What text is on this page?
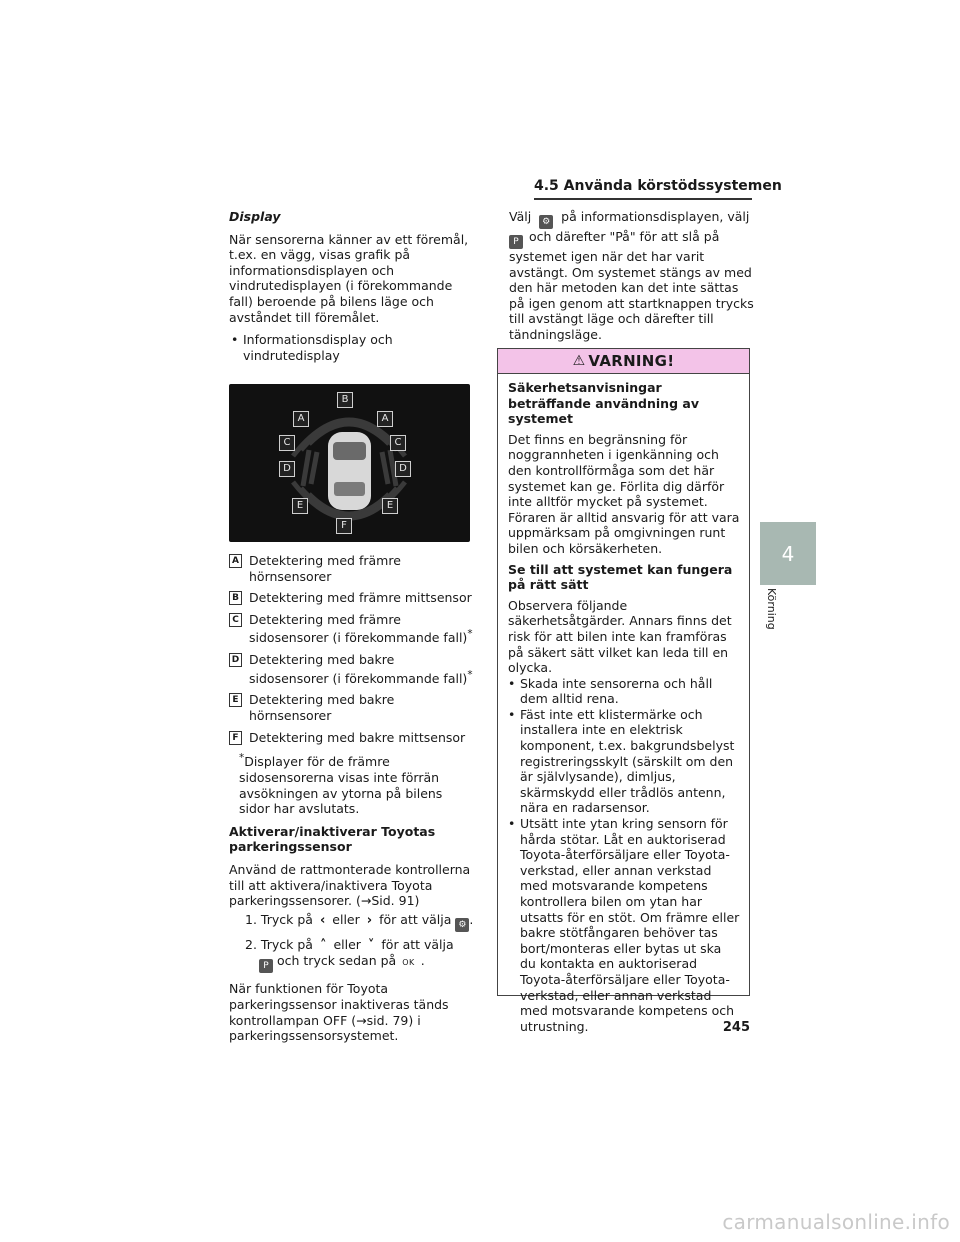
4.5 Använda körstödssystemen

Display

När sensorerna känner av ett föremål, t.ex. en vägg, visas grafik på informationsdisplayen och vindrutedisplayen (i förekommande fall) beroende på bilens läge och avståndet till föremålet.

• Informationsdisplay och vindrutedisplay
B
A	A
C	C
D	D
E	E
F
A Detektering med främre hörnsensorer
B Detektering med främre mittsensor
C Detektering med främre sidosensorer (i förekommande fall)*
D Detektering med bakre sidosensorer (i förekommande fall)*
E Detektering med bakre hörnsensorer
F Detektering med bakre mittsensor

*Displayer för de främre sidosensorerna visas inte förrän avsökningen av ytorna på bilens sidor har avslutats.

Aktiverar/inaktiverar Toyotas parkeringssensor

Använd de rattmonterade kontrollerna till att aktivera/inaktivera Toyota parkeringssensorer. (→Sid. 91)

1. Tryck på ‹ eller › för att välja ⚙ .
2. Tryck på ˄ eller ˅ för att välja
P och tryck sedan på OK .

När funktionen för Toyota parkeringssensor inaktiveras tänds kontrollampan OFF (→sid. 79) i parkeringssensorsystemet.

Välj ⚙ på informationsdisplayen, välj
P och därefter "På" för att slå på systemet igen när det har varit avstängt. Om systemet stängs av med den här metoden kan det inte sättas på igen genom att startknappen trycks till avstängt läge och därefter till tändningsläge.
⚠ VARNING!

Säkerhetsanvisningar beträffande användning av systemet

Det finns en begränsning för noggrannheten i igenkänning och den kontrollförmåga som det här systemet kan ge. Förlita dig därför inte alltför mycket på systemet. Föraren är alltid ansvarig för att vara uppmärksam på omgivningen runt bilen och körsäkerheten.

Se till att systemet kan fungera på rätt sätt

Observera följande säkerhetsåtgärder. Annars finns det risk för att bilen inte kan framföras på säkert sätt vilket kan leda till en olycka.

• Skada inte sensorerna och håll dem alltid rena.
• Fäst inte ett klistermärke och installera inte en elektrisk komponent, t.ex. bakgrundsbelyst registreringsskylt (särskilt om den är självlysande), dimljus, skärmskydd eller trådlös antenn, nära en radarsensor.
• Utsätt inte ytan kring sensorn för hårda stötar. Låt en auktoriserad Toyota-återförsäljare eller Toyota-verkstad, eller annan verkstad med motsvarande kompetens kontrollera bilen om ytan har utsatts för en stöt. Om främre eller bakre stötfångaren behöver tas bort/monteras eller bytas ut ska du kontakta en auktoriserad Toyota-återförsäljare eller Toyota-verkstad, eller annan verkstad med motsvarande kompetens och utrustning.
4
Körning
245
carmanualsonline.info
